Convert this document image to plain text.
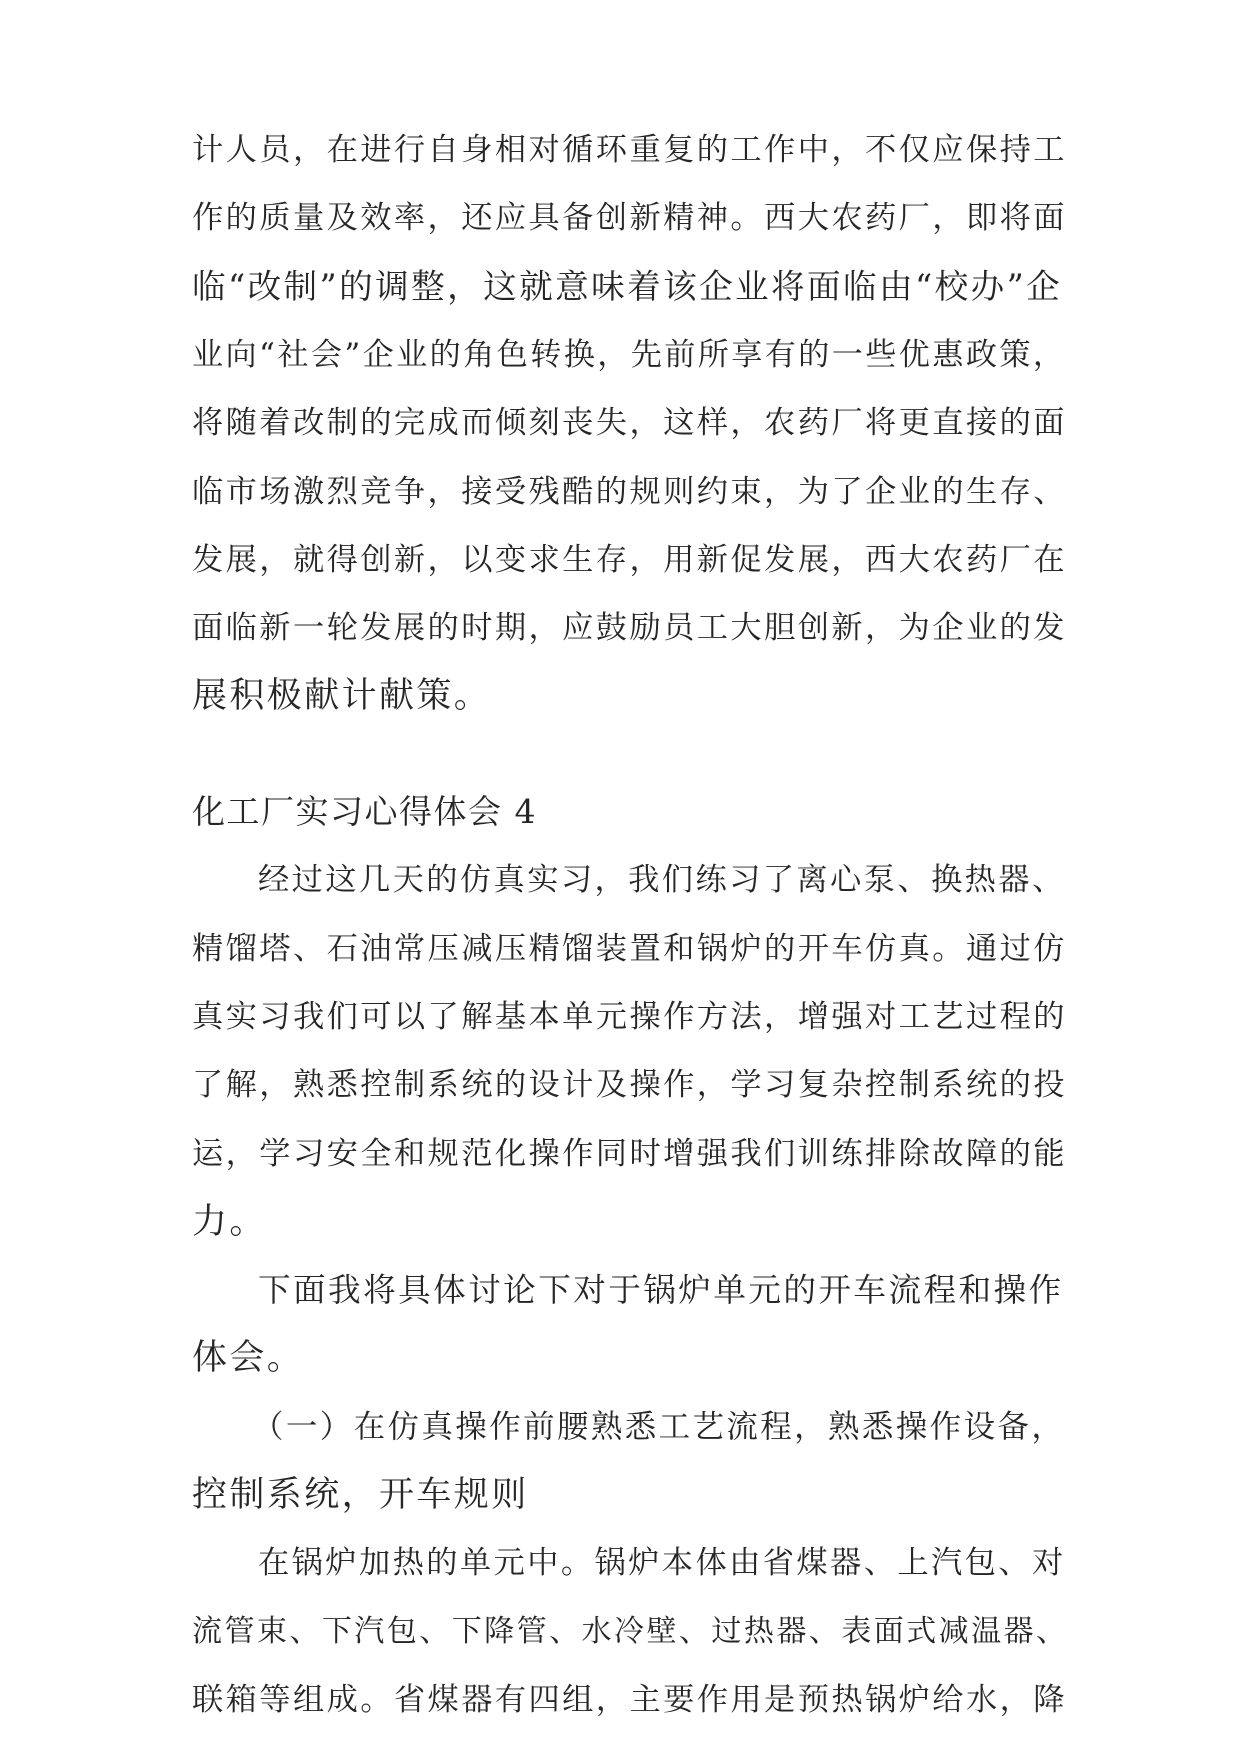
计人员，在进行自身相对循环重复的工作中，不仅应保持工
作的质量及效率，还应具备创新精神。西大农药厂，即将面
临“改制”的调整，这就意味着该企业将面临由“校办”企
业向“社会”企业的角色转换，先前所享有的一些优惠政策，
将随着改制的完成而倾刻丧失，这样，农药厂将更直接的面
临市场激烈竞争，接受残酷的规则约束，为了企业的生存、
发展，就得创新，以变求生存，用新促发展，西大农药厂在
面临新一轮发展的时期，应鼓励员工大胆创新，为企业的发
展积极献计献策。
化工厂实习心得体会 4
经过这几天的仿真实习，我们练习了离心泵、换热器、
精馏塔、石油常压减压精馏装置和锅炉的开车仿真。通过仿
真实习我们可以了解基本单元操作方法，增强对工艺过程的
了解，熟悉控制系统的设计及操作，学习复杂控制系统的投
运，学习安全和规范化操作同时增强我们训练排除故障的能
力。
下面我将具体讨论下对于锅炉单元的开车流程和操作
体会。
（一）在仿真操作前腰熟悉工艺流程，熟悉操作设备，
控制系统，开车规则
在锅炉加热的单元中。锅炉本体由省煤器、上汽包、对
流管束、下汽包、下降管、水冷壁、过热器、表面式减温器、
联箱等组成。省煤器有四组，主要作用是预热锅炉给水，降
